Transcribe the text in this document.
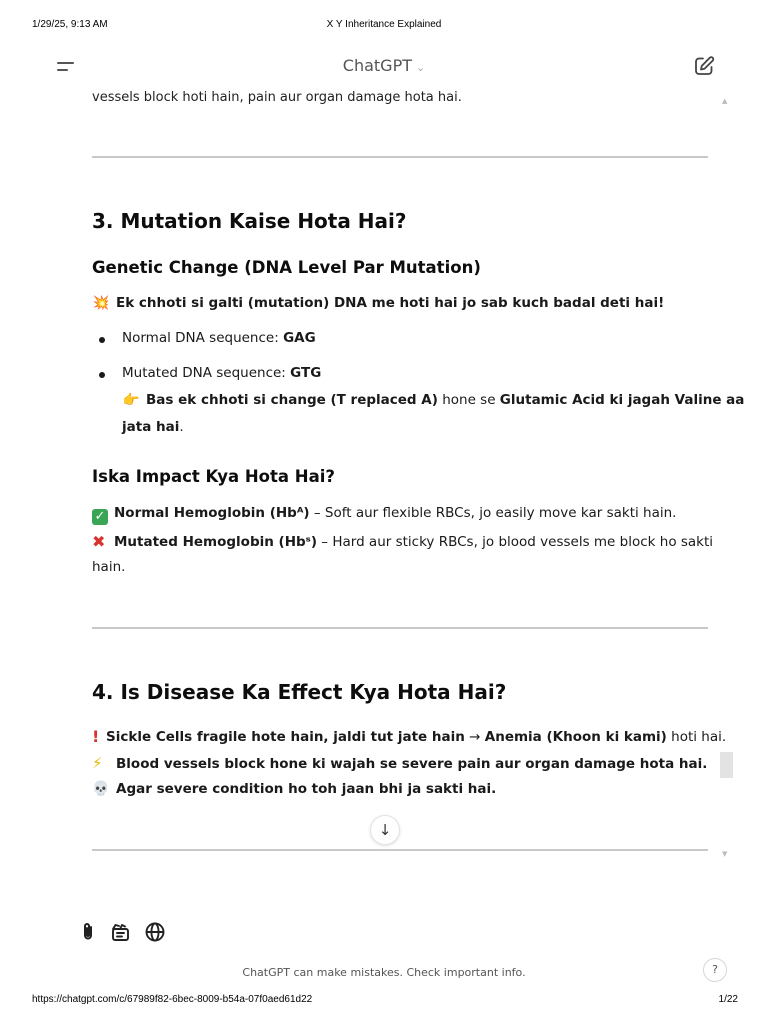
1/29/25, 9:13 AM	X Y Inheritance Explained
vessels block hoti hain, pain aur organ damage hota hai.
3. Mutation Kaise Hota Hai?
Genetic Change (DNA Level Par Mutation)
💥 Ek chhoti si galti (mutation) DNA me hoti hai jo sab kuch badal deti hai!
Normal DNA sequence: GAG
Mutated DNA sequence: GTG
👉 Bas ek chhoti si change (T replaced A) hone se Glutamic Acid ki jagah Valine aa
jata hai.
Iska Impact Kya Hota Hai?
✓ Normal Hemoglobin (Hbᴬ) – Soft aur flexible RBCs, jo easily move kar sakti hain.
✖ Mutated Hemoglobin (Hbˢ) – Hard aur sticky RBCs, jo blood vessels me block ho sakti
hain.
4. Is Disease Ka Effect Kya Hota Hai?
! Sickle Cells fragile hote hain, jaldi tut jate hain → Anemia (Khoon ki kami) hoti hai.
⚡ Blood vessels block hone ki wajah se severe pain aur organ damage hota hai.
💀 Agar severe condition ho toh jaan bhi ja sakti hai.
ChatGPT ⌄
▲
▼
↓
ChatGPT can make mistakes. Check important info.	?
https://chatgpt.com/c/67989f82-6bec-8009-b54a-07f0aed61d22	1/22
